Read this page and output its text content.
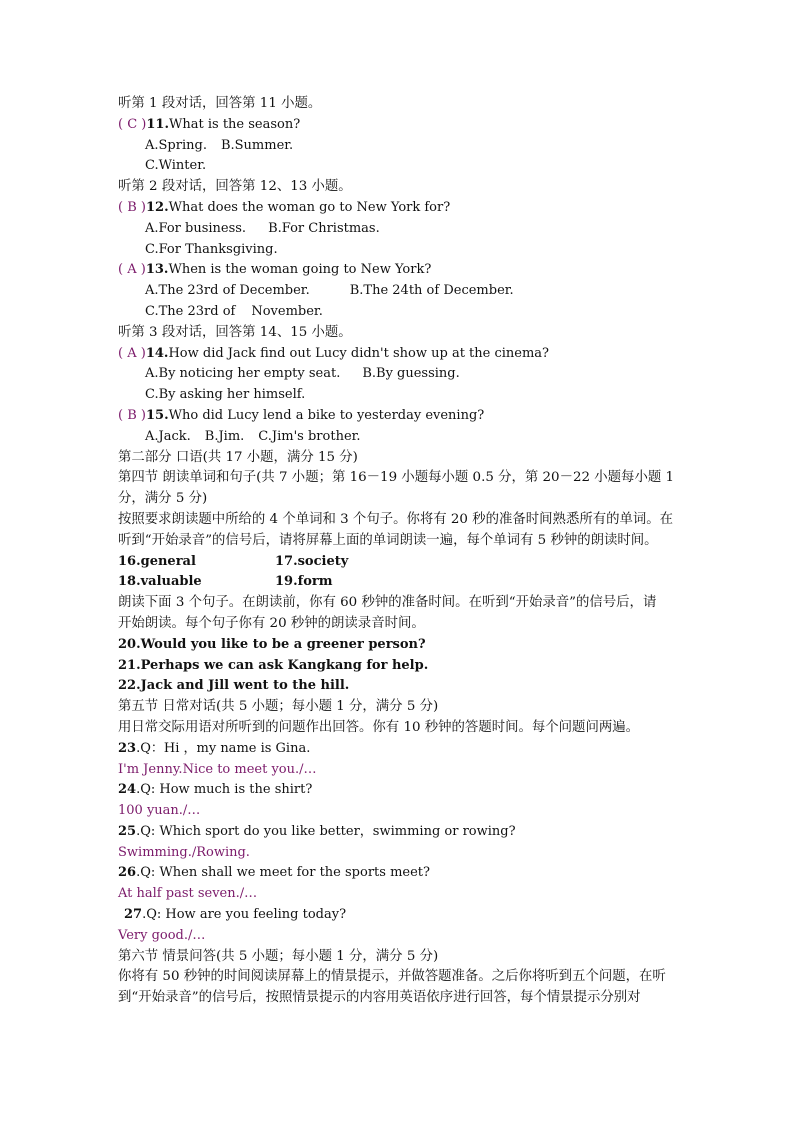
听第 1 段对话，回答第 11 小题。
( C )11.What is the season?
A.Spring. B.Summer.
C.Winter.
听第 2 段对话，回答第 12、13 小题。
( B )12.What does the woman go to New York for?
A.For business. B.For Christmas.
C.For Thanksgiving.
( A )13.When is the woman going to New York?
A.The 23rd of December.	B.The 24th of December.
C.The 23rd of November.
听第 3 段对话，回答第 14、15 小题。
( A )14.How did Jack find out Lucy didn't show up at the cinema?
A.By noticing her empty seat. B.By guessing.
C.By asking her himself.
( B )15.Who did Lucy lend a bike to yesterday evening?
A.Jack. B.Jim. C.Jim's brother.
第二部分 口语(共 17 小题，满分 15 分)
第四节 朗读单词和句子(共 7 小题；第 16－19 小题每小题 0.5 分，第 20－22 小题每小题 1
分，满分 5 分)
按照要求朗读题中所给的 4 个单词和 3 个句子。你将有 20 秒的准备时间熟悉所有的单词。在
听到“开始录音”的信号后，请将屏幕上面的单词朗读一遍，每个单词有 5 秒钟的朗读时间。
16.general	17.society
18.valuable	19.form
朗读下面 3 个句子。在朗读前，你有 60 秒钟的准备时间。在听到“开始录音”的信号后，请
开始朗读。每个句子你有 20 秒钟的朗读录音时间。
20.Would you like to be a greener person?
21.Perhaps we can ask Kangkang for help.
22.Jack and Jill went to the hill.
第五节 日常对话(共 5 小题；每小题 1 分，满分 5 分)
用日常交际用语对所听到的问题作出回答。你有 10 秒钟的答题时间。每个问题问两遍。
23.Q：Hi ，my name is Gina.
I'm Jenny.Nice to meet you./…
24.Q: How much is the shirt?
100 yuan./…
25.Q: Which sport do you like better，swimming or rowing?
Swimming./Rowing.
26.Q: When shall we meet for the sports meet?
At half past seven./…
27.Q: How are you feeling today?
Very good./…
第六节 情景问答(共 5 小题；每小题 1 分，满分 5 分)
你将有 50 秒钟的时间阅读屏幕上的情景提示，并做答题准备。之后你将听到五个问题，在听
到“开始录音”的信号后，按照情景提示的内容用英语依序进行回答，每个情景提示分别对
